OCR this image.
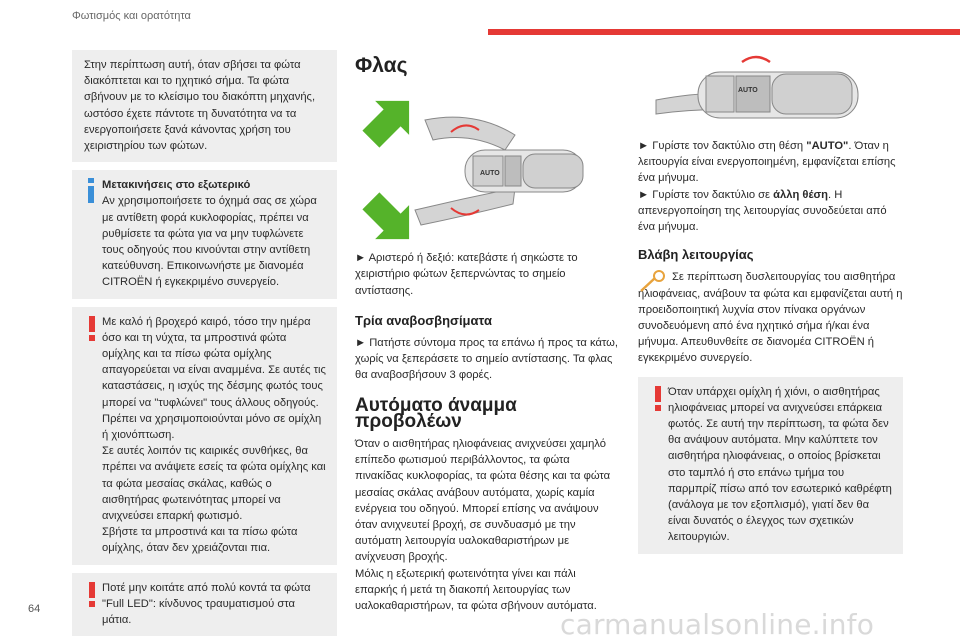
Φωτισμός και ορατότητα

Στην περίπτωση αυτή, όταν σβήσει τα φώτα διακόπτεται και το ηχητικό σήμα. Τα φώτα σβήνουν με το κλείσιμο του διακόπτη μηχανής, ωστόσο έχετε πάντοτε τη δυνατότητα να τα ενεργοποιήσετε ξανά κάνοντας χρήση του χειριστηρίου των φώτων.

Μετακινήσεις στο εξωτερικό

Αν χρησιμοποιήσετε το όχημά σας σε χώρα με αντίθετη φορά κυκλοφορίας, πρέπει να ρυθμίσετε τα φώτα για να μην τυφλώνετε τους οδηγούς που κινούνται στην αντίθετη κατεύθυνση. Επικοινωνήστε με διανομέα CITROËN ή εγκεκριμένο συνεργείο.

Με καλό ή βροχερό καιρό, τόσο την ημέρα όσο και τη νύχτα, τα μπροστινά φώτα ομίχλης και τα πίσω φώτα ομίχλης απαγορεύεται να είναι αναμμένα. Σε αυτές τις καταστάσεις, η ισχύς της δέσμης φωτός τους μπορεί να "τυφλώνει" τους άλλους οδηγούς. Πρέπει να χρησιμοποιούνται μόνο σε ομίχλη ή χιονόπτωση.

Σε αυτές λοιπόν τις καιρικές συνθήκες, θα πρέπει να ανάψετε εσείς τα φώτα ομίχλης και τα φώτα μεσαίας σκάλας, καθώς ο αισθητήρας φωτεινότητας μπορεί να ανιχνεύσει επαρκή φωτισμό.

Σβήστε τα μπροστινά και τα πίσω φώτα ομίχλης, όταν δεν χρειάζονται πια.

Ποτέ μην κοιτάτε από πολύ κοντά τα φώτα "Full LED": κίνδυνος τραυματισμού στα μάτια.

Φλας
AUTO

► Αριστερό ή δεξιό: κατεβάστε ή σηκώστε το χειριστήριο φώτων ξεπερνώντας το σημείο αντίστασης.

Τρία αναβοσβησίματα

► Πατήστε σύντομα προς τα επάνω ή προς τα κάτω, χωρίς να ξεπεράσετε το σημείο αντίστασης. Τα φλας θα αναβοσβήσουν 3 φορές.

Αυτόματο άναμμα προβολέων

Όταν ο αισθητήρας ηλιοφάνειας ανιχνεύσει χαμηλό επίπεδο φωτισμού περιβάλλοντος, τα φώτα πινακίδας κυκλοφορίας, τα φώτα θέσης και τα φώτα μεσαίας σκάλας ανάβουν αυτόματα, χωρίς καμία ενέργεια του οδηγού. Μπορεί επίσης να ανάψουν όταν ανιχνευτεί βροχή, σε συνδυασμό με την αυτόματη λειτουργία υαλοκαθαριστήρων με ανίχνευση βροχής.

Μόλις η εξωτερική φωτεινότητα γίνει και πάλι επαρκής ή μετά τη διακοπή λειτουργίας των υαλοκαθαριστήρων, τα φώτα σβήνουν αυτόματα.

AUTO

► Γυρίστε τον δακτύλιο στη θέση "AUTO". Όταν η λειτουργία είναι ενεργοποιημένη, εμφανίζεται επίσης ένα μήνυμα.

► Γυρίστε τον δακτύλιο σε άλλη θέση. Η απενεργοποίηση της λειτουργίας συνοδεύεται από ένα μήνυμα.

Βλάβη λειτουργίας

Σε περίπτωση δυσλειτουργίας του αισθητήρα ηλιοφάνειας, ανάβουν τα φώτα και εμφανίζεται αυτή η προειδοποιητική λυχνία στον πίνακα οργάνων συνοδευόμενη από ένα ηχητικό σήμα ή/και ένα μήνυμα. Απευθυνθείτε σε διανομέα CITROËN ή εγκεκριμένο συνεργείο.

Όταν υπάρχει ομίχλη ή χιόνι, ο αισθητήρας ηλιοφάνειας μπορεί να ανιχνεύσει επάρκεια φωτός. Σε αυτή την περίπτωση, τα φώτα δεν θα ανάψουν αυτόματα. Μην καλύπτετε τον αισθητήρα ηλιοφάνειας, ο οποίος βρίσκεται στο ταμπλό ή στο επάνω τμήμα του παρμπρίζ πίσω από τον εσωτερικό καθρέφτη (ανάλογα με τον εξοπλισμό), γιατί δεν θα είναι δυνατός ο έλεγχος των σχετικών λειτουργιών.

64	carmanualsonline.info
